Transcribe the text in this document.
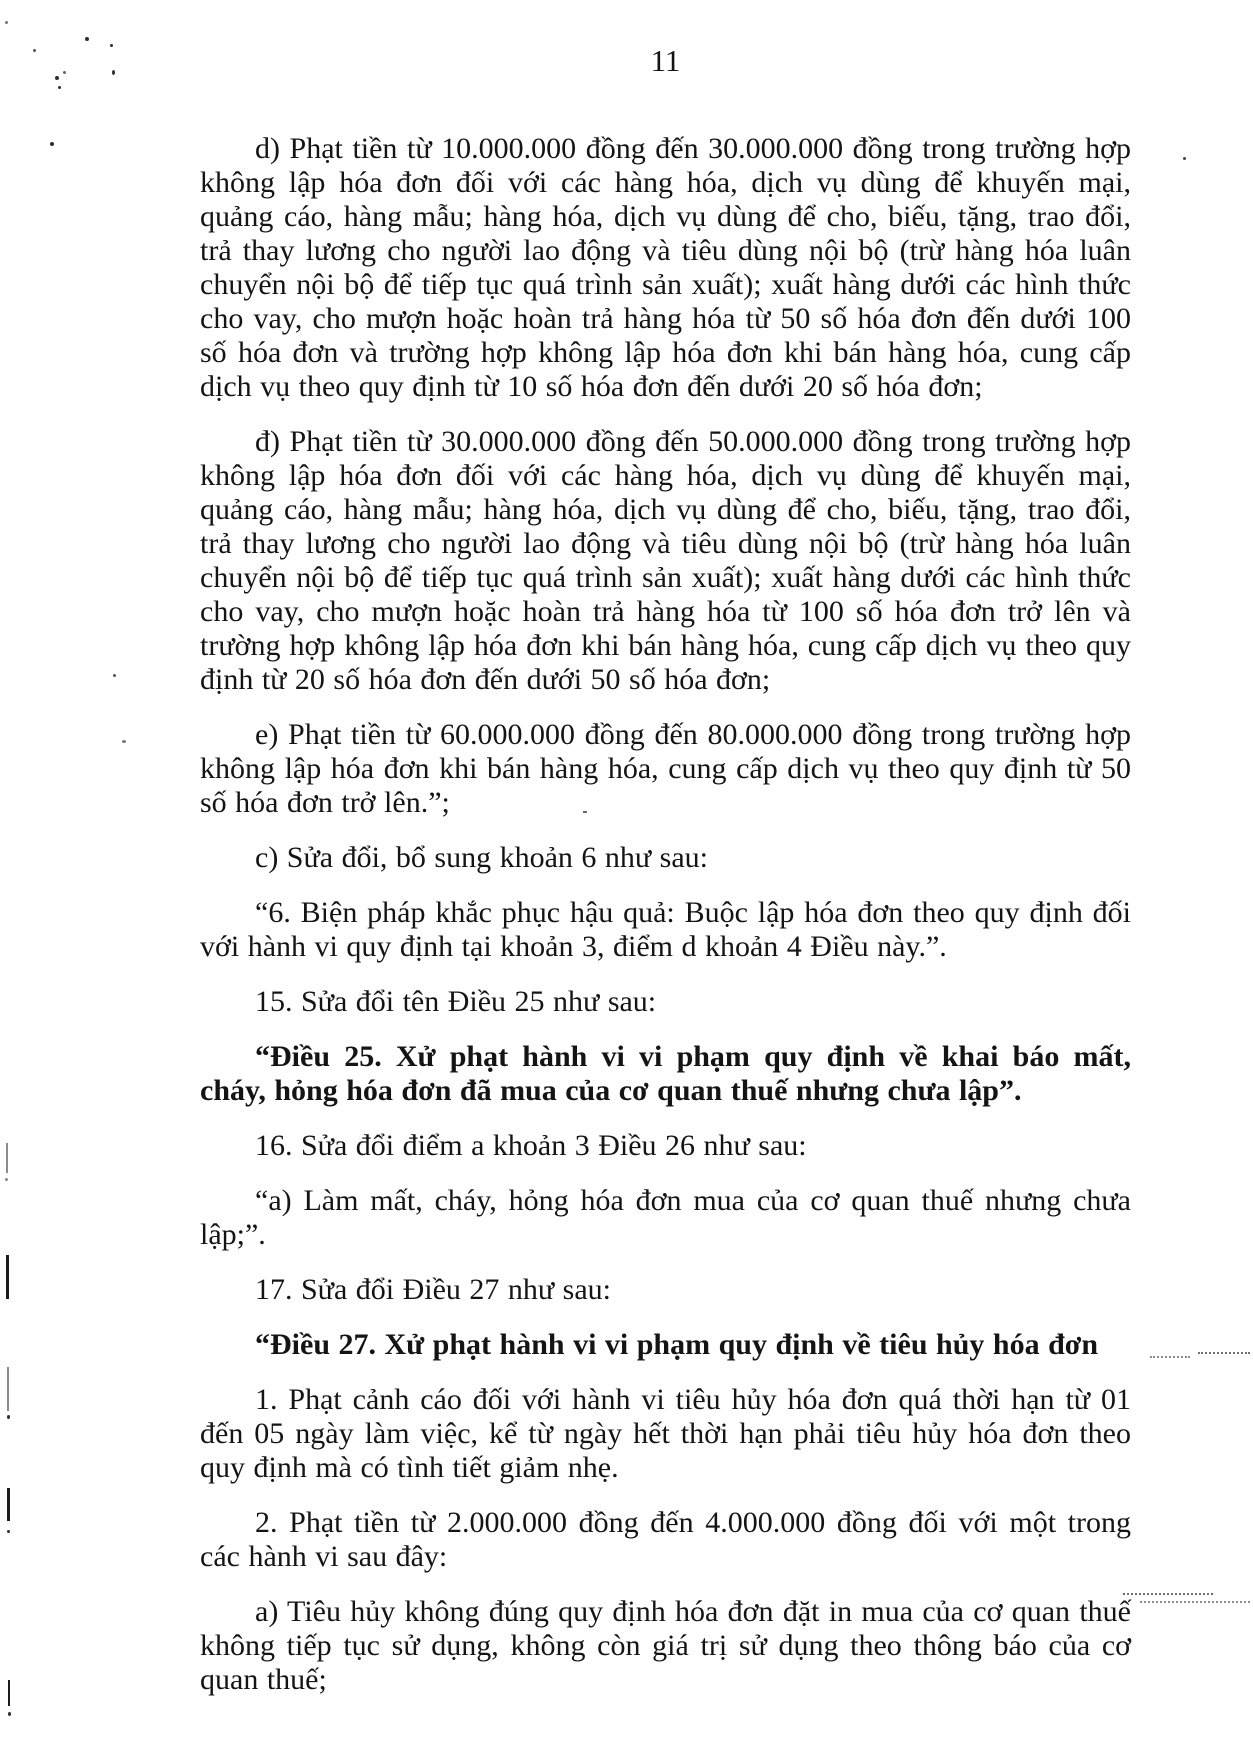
11

d) Phạt tiền từ 10.000.000 đồng đến 30.000.000 đồng trong trường hợp không lập hóa đơn đối với các hàng hóa, dịch vụ dùng để khuyến mại, quảng cáo, hàng mẫu; hàng hóa, dịch vụ dùng để cho, biếu, tặng, trao đổi, trả thay lương cho người lao động và tiêu dùng nội bộ (trừ hàng hóa luân chuyển nội bộ để tiếp tục quá trình sản xuất); xuất hàng dưới các hình thức cho vay, cho mượn hoặc hoàn trả hàng hóa từ 50 số hóa đơn đến dưới 100 số hóa đơn và trường hợp không lập hóa đơn khi bán hàng hóa, cung cấp dịch vụ theo quy định từ 10 số hóa đơn đến dưới 20 số hóa đơn;

đ) Phạt tiền từ 30.000.000 đồng đến 50.000.000 đồng trong trường hợp không lập hóa đơn đối với các hàng hóa, dịch vụ dùng để khuyến mại, quảng cáo, hàng mẫu; hàng hóa, dịch vụ dùng để cho, biếu, tặng, trao đổi, trả thay lương cho người lao động và tiêu dùng nội bộ (trừ hàng hóa luân chuyển nội bộ để tiếp tục quá trình sản xuất); xuất hàng dưới các hình thức cho vay, cho mượn hoặc hoàn trả hàng hóa từ 100 số hóa đơn trở lên và trường hợp không lập hóa đơn khi bán hàng hóa, cung cấp dịch vụ theo quy định từ 20 số hóa đơn đến dưới 50 số hóa đơn;

e) Phạt tiền từ 60.000.000 đồng đến 80.000.000 đồng trong trường hợp không lập hóa đơn khi bán hàng hóa, cung cấp dịch vụ theo quy định từ 50 số hóa đơn trở lên.”;

c) Sửa đổi, bổ sung khoản 6 như sau:

“6. Biện pháp khắc phục hậu quả: Buộc lập hóa đơn theo quy định đối với hành vi quy định tại khoản 3, điểm d khoản 4 Điều này.”.

15. Sửa đổi tên Điều 25 như sau:

“Điều 25. Xử phạt hành vi vi phạm quy định về khai báo mất, cháy, hỏng hóa đơn đã mua của cơ quan thuế nhưng chưa lập”.

16. Sửa đổi điểm a khoản 3 Điều 26 như sau:

“a) Làm mất, cháy, hỏng hóa đơn mua của cơ quan thuế nhưng chưa lập;”.

17. Sửa đổi Điều 27 như sau:

“Điều 27. Xử phạt hành vi vi phạm quy định về tiêu hủy hóa đơn

1. Phạt cảnh cáo đối với hành vi tiêu hủy hóa đơn quá thời hạn từ 01 đến 05 ngày làm việc, kể từ ngày hết thời hạn phải tiêu hủy hóa đơn theo quy định mà có tình tiết giảm nhẹ.

2. Phạt tiền từ 2.000.000 đồng đến 4.000.000 đồng đối với một trong các hành vi sau đây:

a) Tiêu hủy không đúng quy định hóa đơn đặt in mua của cơ quan thuế không tiếp tục sử dụng, không còn giá trị sử dụng theo thông báo của cơ quan thuế;
